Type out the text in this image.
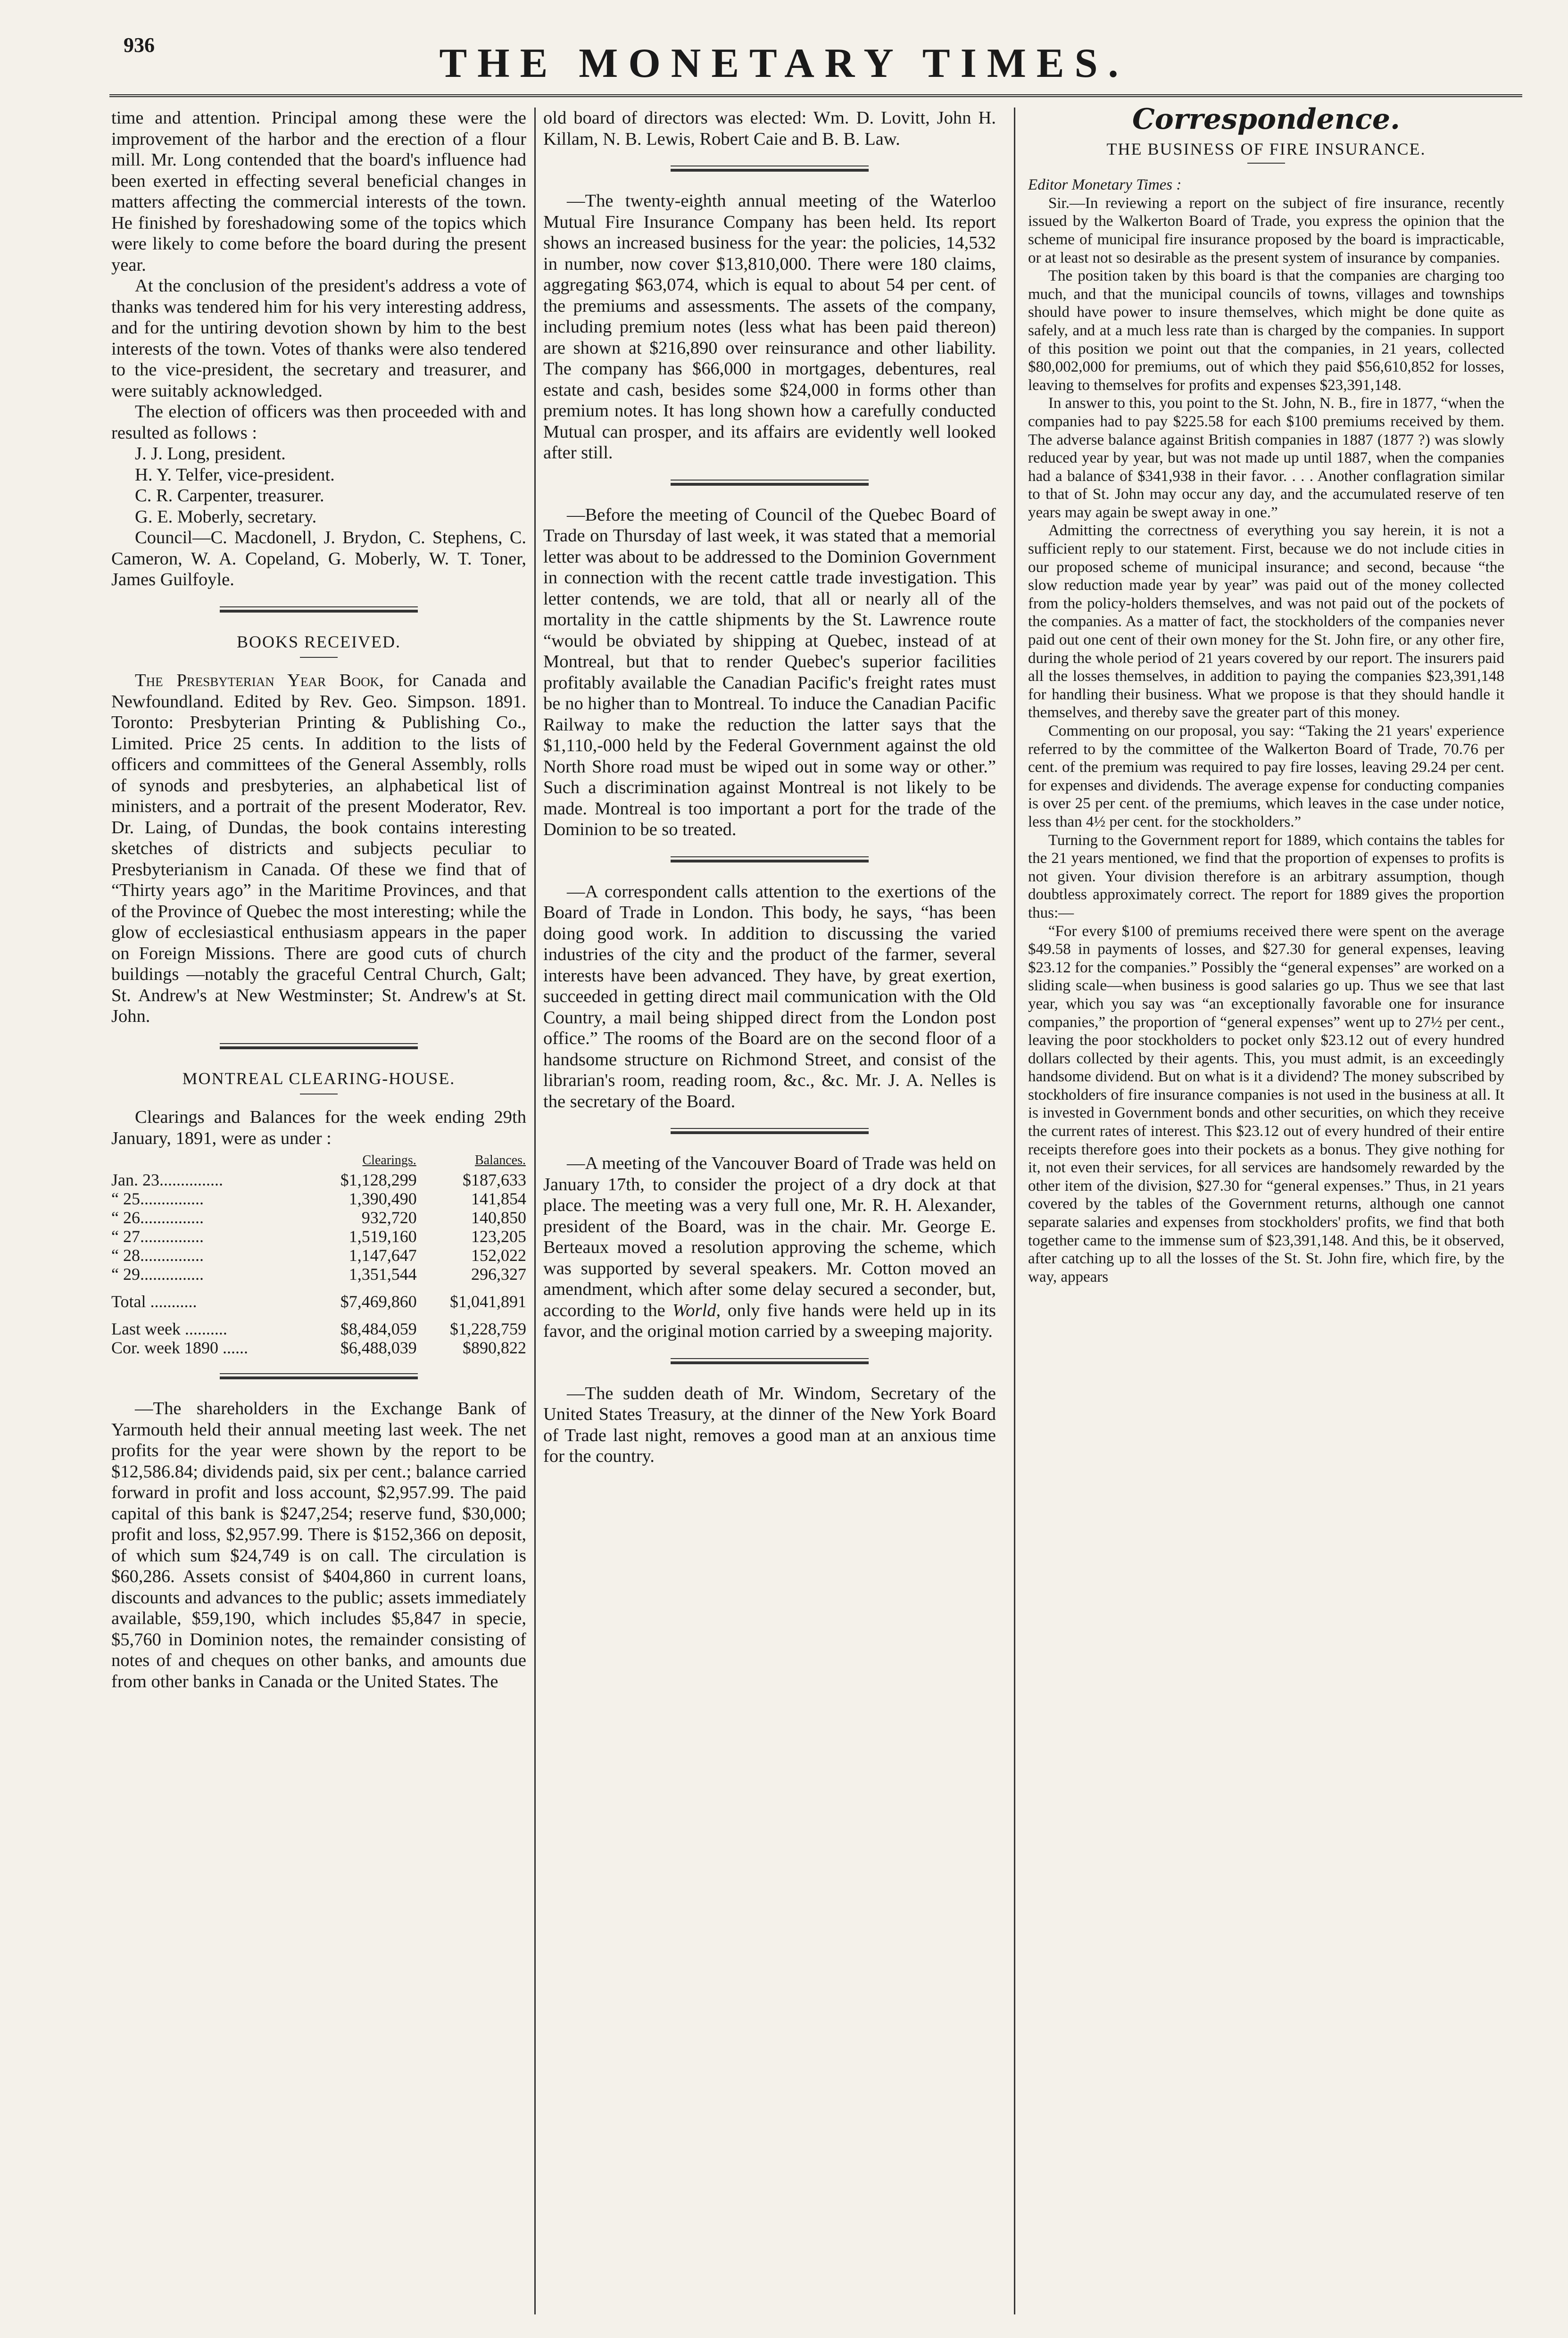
936	THE MONETARY TIMES.

time and attention. Principal among these were the improvement of the harbor and the erection of a flour mill. Mr. Long contended that the board's influence had been exerted in effecting several beneficial changes in matters affecting the commercial interests of the town. He finished by foreshadowing some of the topics which were likely to come before the board during the present year.

At the conclusion of the president's address a vote of thanks was tendered him for his very interesting address, and for the untiring devotion shown by him to the best interests of the town. Votes of thanks were also tendered to the vice-president, the secretary and treasurer, and were suitably acknowledged.

The election of officers was then proceeded with and resulted as follows :

J. J. Long, president.

H. Y. Telfer, vice-president.

C. R. Carpenter, treasurer.

G. E. Moberly, secretary.

Council—C. Macdonell, J. Brydon, C. Stephens, C. Cameron, W. A. Copeland, G. Moberly, W. T. Toner, James Guilfoyle.

BOOKS RECEIVED.

The Presbyterian Year Book, for Canada and Newfoundland. Edited by Rev. Geo. Simpson. 1891. Toronto: Presbyterian Printing & Publishing Co., Limited. Price 25 cents. In addition to the lists of officers and committees of the General Assembly, rolls of synods and presbyteries, an alphabetical list of ministers, and a portrait of the present Moderator, Rev. Dr. Laing, of Dundas, the book contains interesting sketches of districts and subjects peculiar to Presbyterianism in Canada. Of these we find that of “Thirty years ago” in the Maritime Provinces, and that of the Province of Quebec the most interesting; while the glow of ecclesiastical enthusiasm appears in the paper on Foreign Missions. There are good cuts of church buildings —notably the graceful Central Church, Galt; St. Andrew's at New Westminster; St. Andrew's at St. John.

MONTREAL CLEARING-HOUSE.

Clearings and Balances for the week ending 29th January, 1891, were as under :

	Clearings.	Balances.
Jan. 23...............	$1,128,299	$187,633
“ 25...............	1,390,490	141,854
“ 26...............	932,720	140,850
“ 27...............	1,519,160	123,205
“ 28...............	1,147,647	152,022
“ 29...............	1,351,544	296,327
Total ...........	$7,469,860	$1,041,891
Last week ..........	$8,484,059	$1,228,759
Cor. week 1890 ......	$6,488,039	$890,822

—The shareholders in the Exchange Bank of Yarmouth held their annual meeting last week. The net profits for the year were shown by the report to be $12,586.84; dividends paid, six per cent.; balance carried forward in profit and loss account, $2,957.99. The paid capital of this bank is $247,254; reserve fund, $30,000; profit and loss, $2,957.99. There is $152,366 on deposit, of which sum $24,749 is on call. The circulation is $60,286. Assets consist of $404,860 in current loans, discounts and advances to the public; assets immediately available, $59,190, which includes $5,847 in specie, $5,760 in Dominion notes, the remainder consisting of notes of and cheques on other banks, and amounts due from other banks in Canada or the United States. The

old board of directors was elected: Wm. D. Lovitt, John H. Killam, N. B. Lewis, Robert Caie and B. B. Law.

—The twenty-eighth annual meeting of the Waterloo Mutual Fire Insurance Company has been held. Its report shows an increased business for the year: the policies, 14,532 in number, now cover $13,810,000. There were 180 claims, aggregating $63,074, which is equal to about 54 per cent. of the premiums and assessments. The assets of the company, including premium notes (less what has been paid thereon) are shown at $216,890 over reinsurance and other liability. The company has $66,000 in mortgages, debentures, real estate and cash, besides some $24,000 in forms other than premium notes. It has long shown how a carefully conducted Mutual can prosper, and its affairs are evidently well looked after still.

—Before the meeting of Council of the Quebec Board of Trade on Thursday of last week, it was stated that a memorial letter was about to be addressed to the Dominion Government in connection with the recent cattle trade investigation. This letter contends, we are told, that all or nearly all of the mortality in the cattle shipments by the St. Lawrence route “would be obviated by shipping at Quebec, instead of at Montreal, but that to render Quebec's superior facilities profitably available the Canadian Pacific's freight rates must be no higher than to Montreal. To induce the Canadian Pacific Railway to make the reduction the latter says that the $1,110,-000 held by the Federal Government against the old North Shore road must be wiped out in some way or other.” Such a discrimination against Montreal is not likely to be made. Montreal is too important a port for the trade of the Dominion to be so treated.

—A correspondent calls attention to the exertions of the Board of Trade in London. This body, he says, “has been doing good work. In addition to discussing the varied industries of the city and the product of the farmer, several interests have been advanced. They have, by great exertion, succeeded in getting direct mail communication with the Old Country, a mail being shipped direct from the London post office.” The rooms of the Board are on the second floor of a handsome structure on Richmond Street, and consist of the librarian's room, reading room, &c., &c. Mr. J. A. Nelles is the secretary of the Board.

—A meeting of the Vancouver Board of Trade was held on January 17th, to consider the project of a dry dock at that place. The meeting was a very full one, Mr. R. H. Alexander, president of the Board, was in the chair. Mr. George E. Berteaux moved a resolution approving the scheme, which was supported by several speakers. Mr. Cotton moved an amendment, which after some delay secured a seconder, but, according to the World, only five hands were held up in its favor, and the original motion carried by a sweeping majority.

—The sudden death of Mr. Windom, Secretary of the United States Treasury, at the dinner of the New York Board of Trade last night, removes a good man at an anxious time for the country.

Correspondence.
THE BUSINESS OF FIRE INSURANCE.

Editor Monetary Times :

Sir.—In reviewing a report on the subject of fire insurance, recently issued by the Walkerton Board of Trade, you express the opinion that the scheme of municipal fire insurance proposed by the board is impracticable, or at least not so desirable as the present system of insurance by companies.

The position taken by this board is that the companies are charging too much, and that the municipal councils of towns, villages and townships should have power to insure themselves, which might be done quite as safely, and at a much less rate than is charged by the companies. In support of this position we point out that the companies, in 21 years, collected $80,002,000 for premiums, out of which they paid $56,610,852 for losses, leaving to themselves for profits and expenses $23,391,148.

In answer to this, you point to the St. John, N. B., fire in 1877, “when the companies had to pay $225.58 for each $100 premiums received by them. The adverse balance against British companies in 1887 (1877 ?) was slowly reduced year by year, but was not made up until 1887, when the companies had a balance of $341,938 in their favor. . . . Another conflagration similar to that of St. John may occur any day, and the accumulated reserve of ten years may again be swept away in one.”

Admitting the correctness of everything you say herein, it is not a sufficient reply to our statement. First, because we do not include cities in our proposed scheme of municipal insurance; and second, because “the slow reduction made year by year” was paid out of the money collected from the policy-holders themselves, and was not paid out of the pockets of the companies. As a matter of fact, the stockholders of the companies never paid out one cent of their own money for the St. John fire, or any other fire, during the whole period of 21 years covered by our report. The insurers paid all the losses themselves, in addition to paying the companies $23,391,148 for handling their business. What we propose is that they should handle it themselves, and thereby save the greater part of this money.

Commenting on our proposal, you say: “Taking the 21 years' experience referred to by the committee of the Walkerton Board of Trade, 70.76 per cent. of the premium was required to pay fire losses, leaving 29.24 per cent. for expenses and dividends. The average expense for conducting companies is over 25 per cent. of the premiums, which leaves in the case under notice, less than 4½ per cent. for the stockholders.”

Turning to the Government report for 1889, which contains the tables for the 21 years mentioned, we find that the proportion of expenses to profits is not given. Your division therefore is an arbitrary assumption, though doubtless approximately correct. The report for 1889 gives the proportion thus:—

“For every $100 of premiums received there were spent on the average $49.58 in payments of losses, and $27.30 for general expenses, leaving $23.12 for the companies.” Possibly the “general expenses” are worked on a sliding scale—when business is good salaries go up. Thus we see that last year, which you say was “an exceptionally favorable one for insurance companies,” the proportion of “general expenses” went up to 27½ per cent., leaving the poor stockholders to pocket only $23.12 out of every hundred dollars collected by their agents. This, you must admit, is an exceedingly handsome dividend. But on what is it a dividend? The money subscribed by stockholders of fire insurance companies is not used in the business at all. It is invested in Government bonds and other securities, on which they receive the current rates of interest. This $23.12 out of every hundred of their entire receipts therefore goes into their pockets as a bonus. They give nothing for it, not even their services, for all services are handsomely rewarded by the other item of the division, $27.30 for “general expenses.” Thus, in 21 years covered by the tables of the Government returns, although one cannot separate salaries and expenses from stockholders' profits, we find that both together came to the immense sum of $23,391,148. And this, be it observed, after catching up to all the losses of the St. St. John fire, which fire, by the way, appears
